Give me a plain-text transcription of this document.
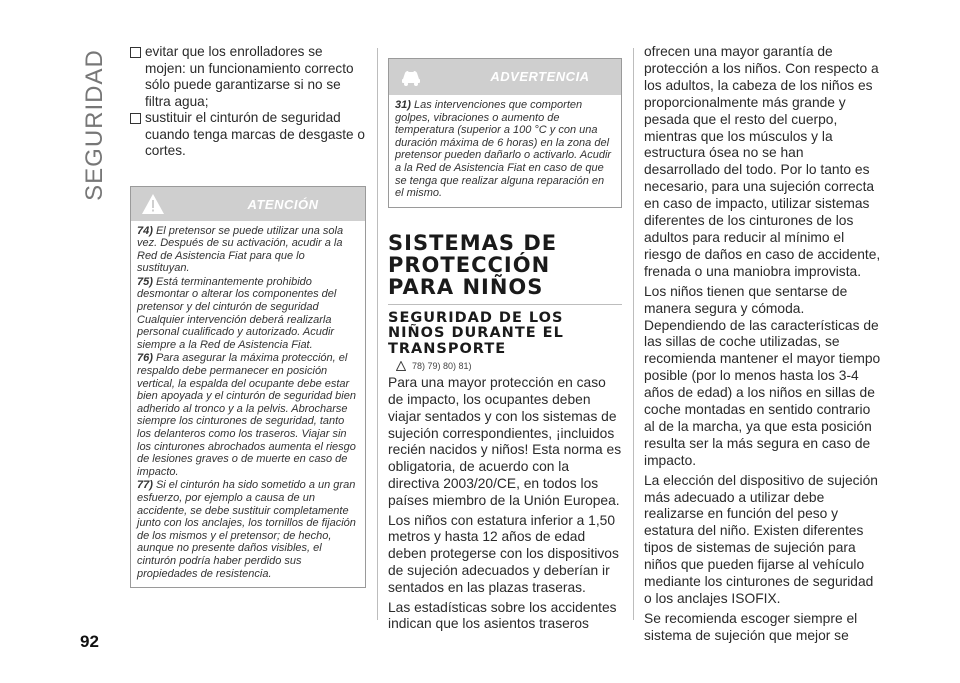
SEGURIDAD	evitar que los enrolladores se mojen: un funcionamiento correcto sólo puede garantizarse si no se filtra agua;
sustituir el cinturón de seguridad cuando tenga marcas de desgaste o cortes.
ATENCIÓN

74) El pretensor se puede utilizar una sola vez. Después de su activación, acudir a la Red de Asistencia Fiat para que lo sustituyan.

75) Está terminantemente prohibido desmontar o alterar los componentes del pretensor y del cinturón de seguridad Cualquier intervención deberá realizarla personal cualificado y autorizado. Acudir siempre a la Red de Asistencia Fiat.

76) Para asegurar la máxima protección, el respaldo debe permanecer en posición vertical, la espalda del ocupante debe estar bien apoyada y el cinturón de seguridad bien adherido al tronco y a la pelvis. Abrocharse siempre los cinturones de seguridad, tanto los delanteros como los traseros. Viajar sin los cinturones abrochados aumenta el riesgo de lesiones graves o de muerte en caso de impacto.

77) Si el cinturón ha sido sometido a un gran esfuerzo, por ejemplo a causa de un accidente, se debe sustituir completamente junto con los anclajes, los tornillos de fijación de los mismos y el pretensor; de hecho, aunque no presente daños visibles, el cinturón podría haber perdido sus propiedades de resistencia.

ADVERTENCIA

31) Las intervenciones que comporten golpes, vibraciones o aumento de temperatura (superior a 100 °C y con una duración máxima de 6 horas) en la zona del pretensor pueden dañarlo o activarlo. Acudir a la Red de Asistencia Fiat en caso de que se tenga que realizar alguna reparación en el mismo.

SISTEMAS DE PROTECCIÓN PARA NIÑOS
SEGURIDAD DE LOS NIÑOS DURANTE EL TRANSPORTE
78) 79) 80) 81)

Para una mayor protección en caso de impacto, los ocupantes deben viajar sentados y con los sistemas de sujeción correspondientes, ¡incluidos recién nacidos y niños! Esta norma es obligatoria, de acuerdo con la directiva 2003/20/CE, en todos los países miembro de la Unión Europea.

Los niños con estatura inferior a 1,50 metros y hasta 12 años de edad deben protegerse con los dispositivos de sujeción adecuados y deberían ir sentados en las plazas traseras.

Las estadísticas sobre los accidentes indican que los asientos traseros

ofrecen una mayor garantía de protección a los niños. Con respecto a los adultos, la cabeza de los niños es proporcionalmente más grande y pesada que el resto del cuerpo, mientras que los músculos y la estructura ósea no se han desarrollado del todo. Por lo tanto es necesario, para una sujeción correcta en caso de impacto, utilizar sistemas diferentes de los cinturones de los adultos para reducir al mínimo el riesgo de daños en caso de accidente, frenada o una maniobra improvista.

Los niños tienen que sentarse de manera segura y cómoda. Dependiendo de las características de las sillas de coche utilizadas, se recomienda mantener el mayor tiempo posible (por lo menos hasta los 3-4 años de edad) a los niños en sillas de coche montadas en sentido contrario al de la marcha, ya que esta posición resulta ser la más segura en caso de impacto.

La elección del dispositivo de sujeción más adecuado a utilizar debe realizarse en función del peso y estatura del niño. Existen diferentes tipos de sistemas de sujeción para niños que pueden fijarse al vehículo mediante los cinturones de seguridad o los anclajes ISOFIX.

Se recomienda escoger siempre el sistema de sujeción que mejor se

92
